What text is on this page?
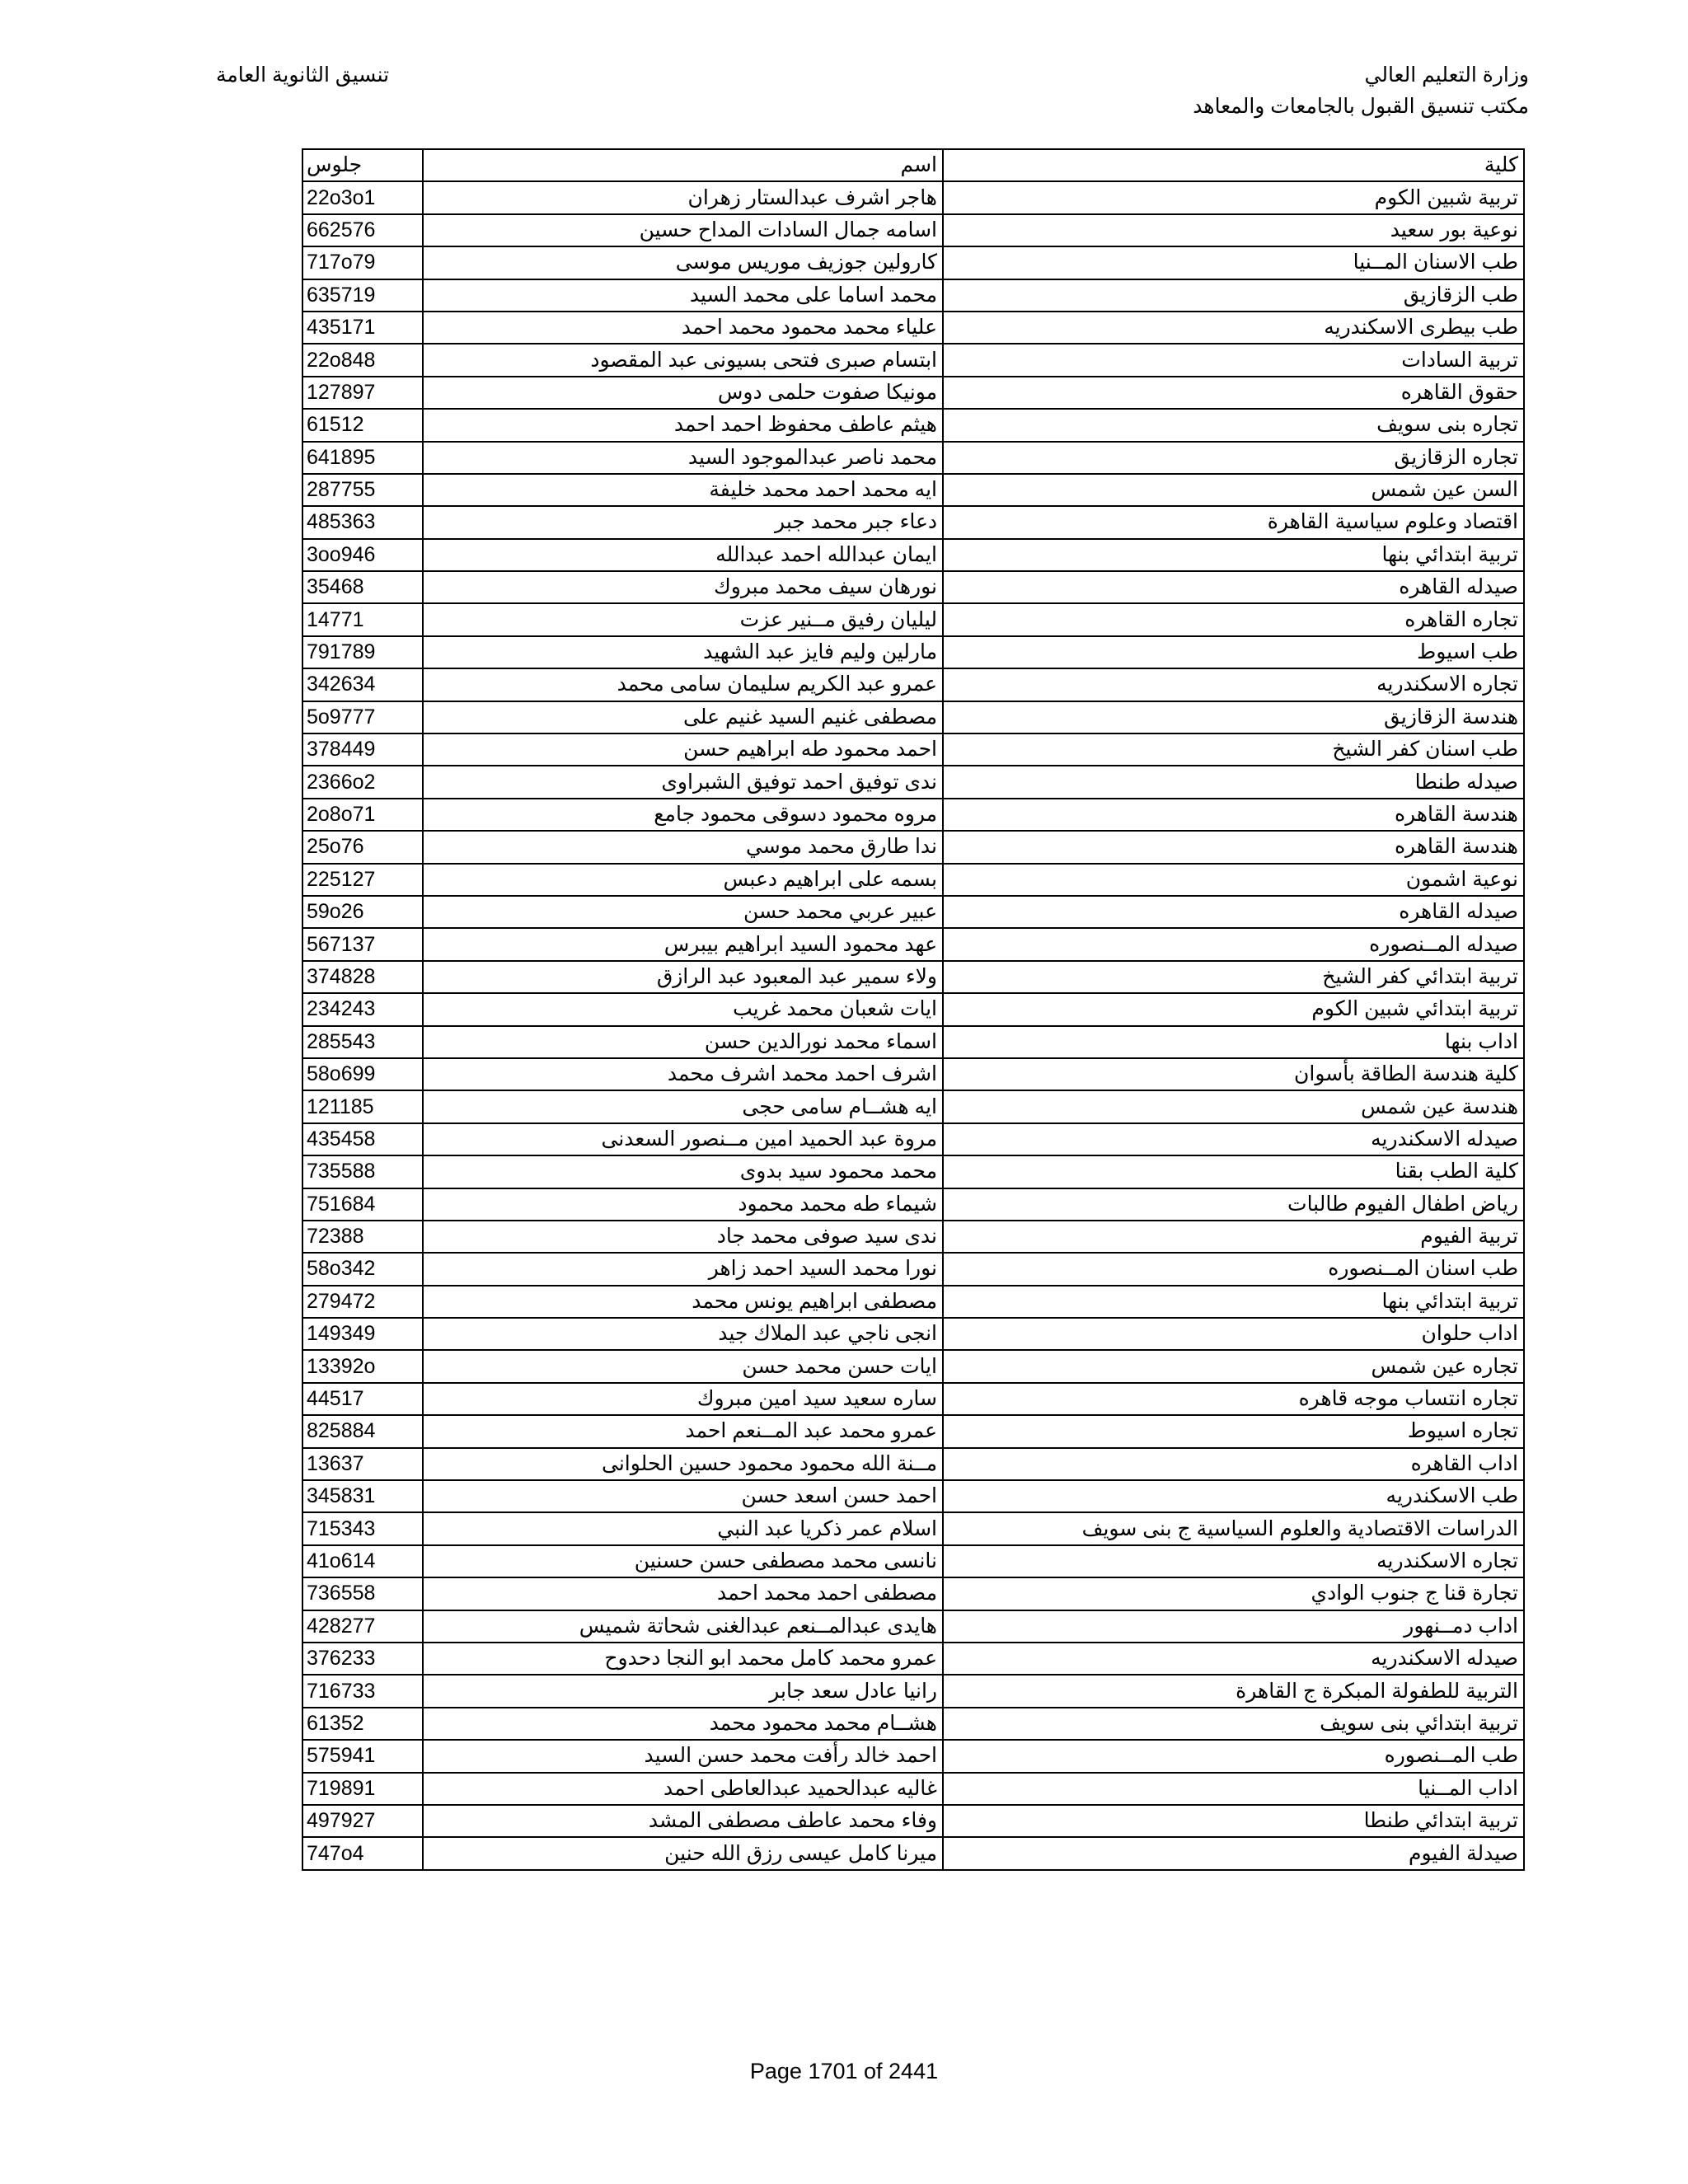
وزارة التعليم العالي
مكتب تنسيق القبول بالجامعات والمعاهد
تنسيق الثانوية العامة
جلوس	اسم	كلية
22o3o1	هاجر اشرف عبدالستار زهران	تربية شبين الكوم
662576	اسامه جمال السادات المداح حسين	نوعية بور سعيد
717o79	كارولين جوزيف موريس موسى	طب الاسنان المــنيا
635719	محمد اساما على محمد السيد	طب الزقازيق
435171	علياء محمد محمود محمد احمد	طب بيطرى الاسكندريه
22o848	ابتسام صبرى فتحى بسيونى عبد المقصود	تربية السادات
127897	مونيكا صفوت حلمى دوس	حقوق القاهره
61512	هيثم عاطف محفوظ احمد احمد	تجاره بنى سويف
641895	محمد ناصر عبدالموجود السيد	تجاره الزقازيق
287755	ايه محمد احمد محمد خليفة	السن عين شمس
485363	دعاء جبر محمد جبر	اقتصاد وعلوم سياسية القاهرة
3oo946	ايمان عبدالله احمد عبدالله	تربية ابتدائي بنها
35468	نورهان سيف محمد مبروك	صيدله القاهره
14771	ليليان رفيق مــنير عزت	تجاره القاهره
791789	مارلين وليم فايز عبد الشهيد	طب اسيوط
342634	عمرو عبد الكريم سليمان سامى محمد	تجاره الاسكندريه
5o9777	مصطفى غنيم السيد غنيم على	هندسة الزقازيق
378449	احمد محمود طه ابراهيم حسن	طب اسنان كفر الشيخ
2366o2	ندى توفيق احمد توفيق الشبراوى	صيدله طنطا
2o8o71	مروه محمود دسوقى محمود جامع	هندسة القاهره
25o76	ندا طارق محمد موسي	هندسة القاهره
225127	بسمه على ابراهيم دعبس	نوعية اشمون
59o26	عبير عربي محمد حسن	صيدله القاهره
567137	عهد محمود السيد ابراهيم بيبرس	صيدله المــنصوره
374828	ولاء سمير عبد المعبود عبد الرازق	تربية ابتدائي كفر الشيخ
234243	ايات شعبان محمد غريب	تربية ابتدائي شبين الكوم
285543	اسماء محمد نورالدين حسن	اداب بنها
58o699	اشرف احمد محمد اشرف محمد	كلية هندسة الطاقة بأسوان
121185	ايه هشــام سامى حجى	هندسة عين شمس
435458	مروة عبد الحميد امين مــنصور السعدنى	صيدله الاسكندريه
735588	محمد محمود سيد بدوى	كلية الطب بقنا
751684	شيماء طه محمد محمود	رياض اطفال الفيوم طالبات
72388	ندى سيد صوفى محمد جاد	تربية الفيوم
58o342	نورا محمد السيد احمد زاهر	طب اسنان المــنصوره
279472	مصطفى ابراهيم يونس محمد	تربية ابتدائي بنها
149349	انجى ناجي عبد الملاك جيد	اداب حلوان
13392o	ايات حسن محمد حسن	تجاره عين شمس
44517	ساره سعيد سيد امين مبروك	تجاره انتساب موجه قاهره
825884	عمرو محمد عبد المــنعم احمد	تجاره اسيوط
13637	مــنة الله محمود محمود حسين الحلوانى	اداب القاهره
345831	احمد حسن اسعد حسن	طب الاسكندريه
715343	اسلام عمر ذكريا عبد النبي	الدراسات الاقتصادية والعلوم السياسية ج بنى سويف
41o614	نانسى محمد مصطفى حسن حسنين	تجاره الاسكندريه
736558	مصطفى احمد محمد احمد	تجارة قنا ج جنوب الوادي
428277	هايدى عبدالمــنعم عبدالغنى شحاتة شميس	اداب دمــنهور
376233	عمرو محمد كامل محمد ابو النجا دحدوح	صيدله الاسكندريه
716733	رانيا عادل سعد جابر	التربية للطفولة المبكرة ج القاهرة
61352	هشــام محمد محمود محمد	تربية ابتدائي بنى سويف
575941	احمد خالد رأفت محمد حسن السيد	طب المــنصوره
719891	غاليه عبدالحميد عبدالعاطى احمد	اداب المــنيا
497927	وفاء محمد عاطف مصطفى المشد	تربية ابتدائي طنطا
747o4	ميرنا كامل عيسى رزق الله حنين	صيدلة الفيوم
Page 1701 of 2441
